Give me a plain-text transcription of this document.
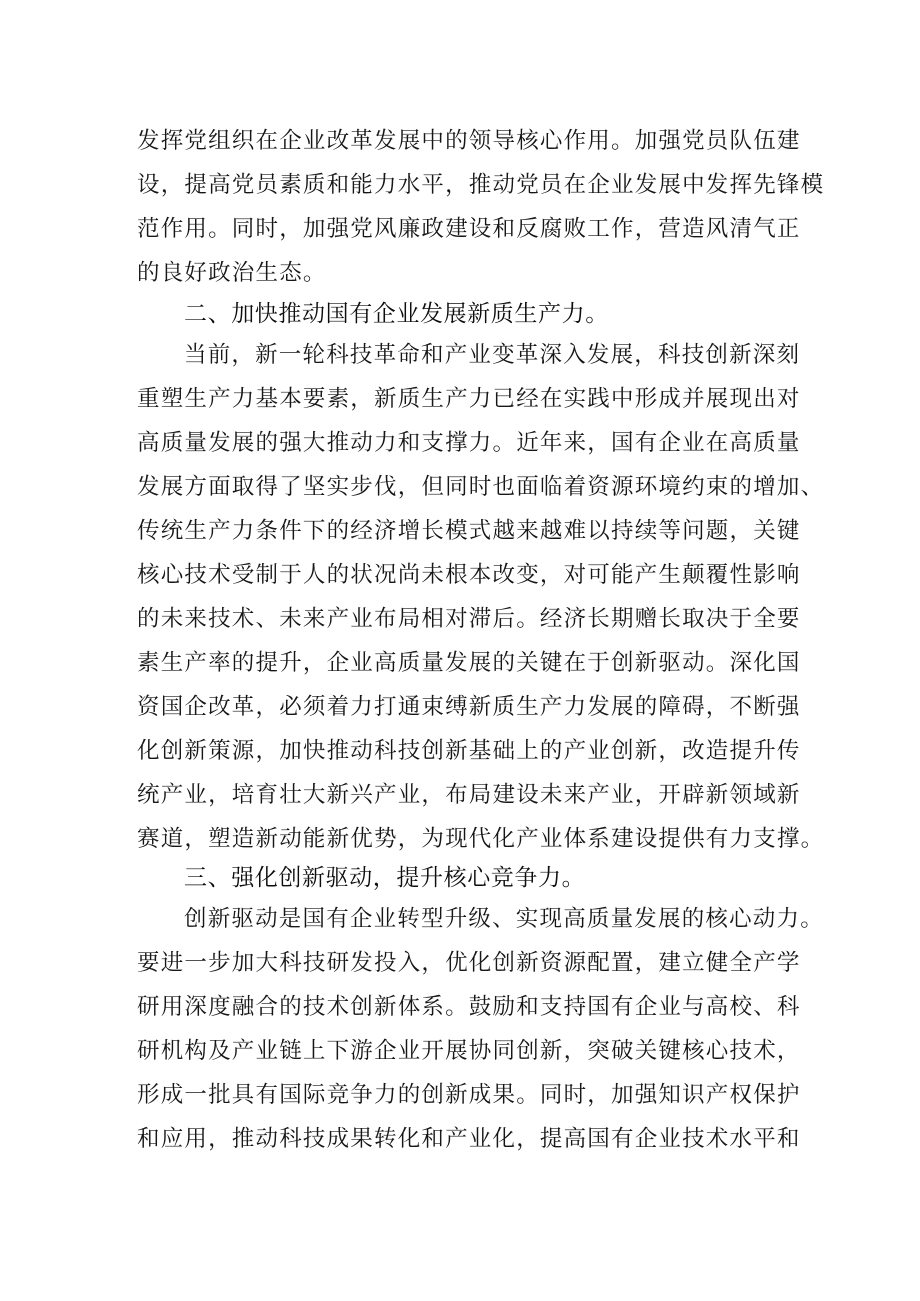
发挥党组织在企业改革发展中的领导核心作用。加强党员队伍建
设，提高党员素质和能力水平，推动党员在企业发展中发挥先锋模
范作用。同时，加强党风廉政建设和反腐败工作，营造风清气正
的良好政治生态。
二、加快推动国有企业发展新质生产力。
当前，新一轮科技革命和产业变革深入发展，科技创新深刻
重塑生产力基本要素，新质生产力已经在实践中形成并展现出对
高质量发展的强大推动力和支撑力。近年来，国有企业在高质量
发展方面取得了坚实步伐，但同时也面临着资源环境约束的增加、
传统生产力条件下的经济增长模式越来越难以持续等问题，关键
核心技术受制于人的状况尚未根本改变，对可能产生颠覆性影响
的未来技术、未来产业布局相对滞后。经济长期赠长取决于全要
素生产率的提升，企业高质量发展的关键在于创新驱动。深化国
资国企改革，必须着力打通束缚新质生产力发展的障碍，不断强
化创新策源，加快推动科技创新基础上的产业创新，改造提升传
统产业，培育壮大新兴产业，布局建设未来产业，开辟新领域新
赛道，塑造新动能新优势，为现代化产业体系建设提供有力支撑。
三、强化创新驱动，提升核心竞争力。
创新驱动是国有企业转型升级、实现高质量发展的核心动力。
要进一步加大科技研发投入，优化创新资源配置，建立健全产学
研用深度融合的技术创新体系。鼓励和支持国有企业与高校、科
研机构及产业链上下游企业开展协同创新，突破关键核心技术，
形成一批具有国际竞争力的创新成果。同时，加强知识产权保护
和应用，推动科技成果转化和产业化，提高国有企业技术水平和
